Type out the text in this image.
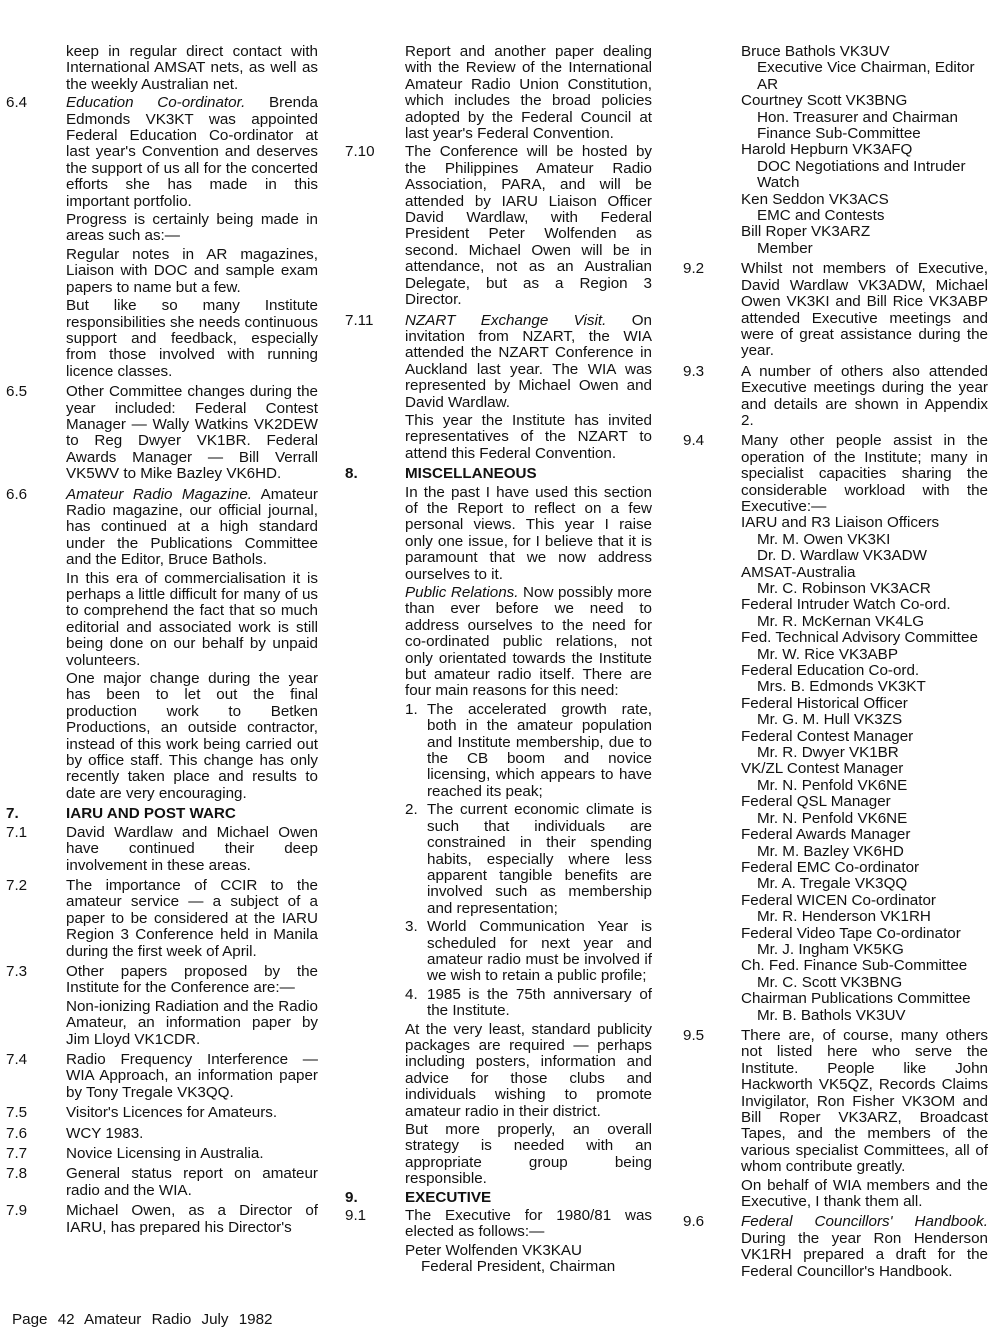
keep in regular direct contact with International AMSAT nets, as well as the weekly Australian net.
6.4	Education Co-ordinator. Brenda Edmonds VK3KT was appointed Federal Education Co-ordinator at last year's Convention and deserves the support of us all for the concerted efforts she has made in this important portfolio.

Progress is certainly being made in areas such as:—

Regular notes in AR magazines, Liaison with DOC and sample exam papers to name but a few.

But like so many Institute responsibilities she needs continuous support and feedback, especially from those involved with running licence classes.

6.5	Other Committee changes during the year included: Federal Contest Manager — Wally Watkins VK2DEW to Reg Dwyer VK1BR. Federal Awards Manager — Bill Verrall VK5WV to Mike Bazley VK6HD.

6.6	Amateur Radio Magazine. Amateur Radio magazine, our official journal, has continued at a high standard under the Publications Committee and the Editor, Bruce Bathols.

In this era of commercialisation it is perhaps a little difficult for many of us to comprehend the fact that so much editorial and associated work is still being done on our behalf by unpaid volunteers.

One major change during the year has been to let out the final production work to Betken Productions, an outside contractor, instead of this work being carried out by office staff. This change has only recently taken place and results to date are very encouraging.

7.	IARU AND POST WARC
7.1	David Wardlaw and Michael Owen have continued their deep involvement in these areas.

7.2	The importance of CCIR to the amateur service — a subject of a paper to be considered at the IARU Region 3 Conference held in Manila during the first week of April.

7.3	Other papers proposed by the Institute for the Conference are:—

Non-ionizing Radiation and the Radio Amateur, an information paper by Jim Lloyd VK1CDR.

7.4	Radio Frequency Interference — WIA Approach, an information paper by Tony Tregale VK3QQ.

7.5	Visitor's Licences for Amateurs.

7.6	WCY 1983.

7.7	Novice Licensing in Australia.

7.8	General status report on amateur radio and the WIA.

7.9	Michael Owen, as a Director of IARU, has prepared his Director's

Report and another paper dealing with the Review of the International Amateur Radio Union Constitution, which includes the broad policies adopted by the Federal Council at last year's Federal Convention.
7.10	The Conference will be hosted by the Philippines Amateur Radio Association, PARA, and will be attended by IARU Liaison Officer David Wardlaw, with Federal President Peter Wolfenden as second. Michael Owen will be in attendance, not as an Australian Delegate, but as a Region 3 Director.

7.11	NZART Exchange Visit. On invitation from NZART, the WIA attended the NZART Conference in Auckland last year. The WIA was represented by Michael Owen and David Wardlaw.

This year the Institute has invited representatives of the NZART to attend this Federal Convention.

8.	MISCELLANEOUS
In the past I have used this section of the Report to reflect on a few personal views. This year I raise only one issue, for I believe that it is paramount that we now address ourselves to it.
Public Relations. Now possibly more than ever before we need to address ourselves to the need for co-ordinated public relations, not only orientated towards the Institute but amateur radio itself. There are four main reasons for this need:
1. The accelerated growth rate, both in the amateur population and Institute membership, due to the CB boom and novice licensing, which appears to have reached its peak;
2. The current economic climate is such that individuals are constrained in their spending habits, especially where less apparent tangible benefits are involved such as membership and representation;
3. World Communication Year is scheduled for next year and amateur radio must be involved if we wish to retain a public profile;
4. 1985 is the 75th anniversary of the Institute.
At the very least, standard publicity packages are required — perhaps including posters, information and advice for those clubs and individuals wishing to promote amateur radio in their district.
But more properly, an overall strategy is needed with an appropriate group being responsible.
9.	EXECUTIVE
9.1	The Executive for 1980/81 was elected as follows:—

Peter Wolfenden VK3KAU
Federal President, Chairman
Bruce Bathols VK3UV
Executive Vice Chairman, Editor AR
Courtney Scott VK3BNG
Hon. Treasurer and Chairman Finance Sub-Committee
Harold Hepburn VK3AFQ
DOC Negotiations and Intruder Watch
Ken Seddon VK3ACS
EMC and Contests
Bill Roper VK3ARZ
Member
9.2	Whilst not members of Executive, David Wardlaw VK3ADW, Michael Owen VK3KI and Bill Rice VK3ABP attended Executive meetings and were of great assistance during the year.

9.3	A number of others also attended Executive meetings during the year and details are shown in Appendix 2.

9.4	Many other people assist in the operation of the Institute; many in specialist capacities sharing the considerable workload with the Executive:—

IARU and R3 Liaison Officers
Mr. M. Owen VK3KI
Dr. D. Wardlaw VK3ADW
AMSAT-Australia
Mr. C. Robinson VK3ACR
Federal Intruder Watch Co-ord.
Mr. R. McKernan VK4LG
Fed. Technical Advisory Committee
Mr. W. Rice VK3ABP
Federal Education Co-ord.
Mrs. B. Edmonds VK3KT
Federal Historical Officer
Mr. G. M. Hull VK3ZS
Federal Contest Manager
Mr. R. Dwyer VK1BR
VK/ZL Contest Manager
Mr. N. Penfold VK6NE
Federal QSL Manager
Mr. N. Penfold VK6NE
Federal Awards Manager
Mr. M. Bazley VK6HD
Federal EMC Co-ordinator
Mr. A. Tregale VK3QQ
Federal WICEN Co-ordinator
Mr. R. Henderson VK1RH
Federal Video Tape Co-ordinator
Mr. J. Ingham VK5KG
Ch. Fed. Finance Sub-Committee
Mr. C. Scott VK3BNG
Chairman Publications Committee
Mr. B. Bathols VK3UV
9.5	There are, of course, many others not listed here who serve the Institute. People like John Hackworth VK5QZ, Records Claims Invigilator, Ron Fisher VK3OM and Bill Roper VK3ARZ, Broadcast Tapes, and the members of the various specialist Committees, all of whom contribute greatly.

On behalf of WIA members and the Executive, I thank them all.

9.6	Federal Councillors' Handbook. During the year Ron Henderson VK1RH prepared a draft for the Federal Councillor's Handbook.

Page 42 Amateur Radio July 1982
